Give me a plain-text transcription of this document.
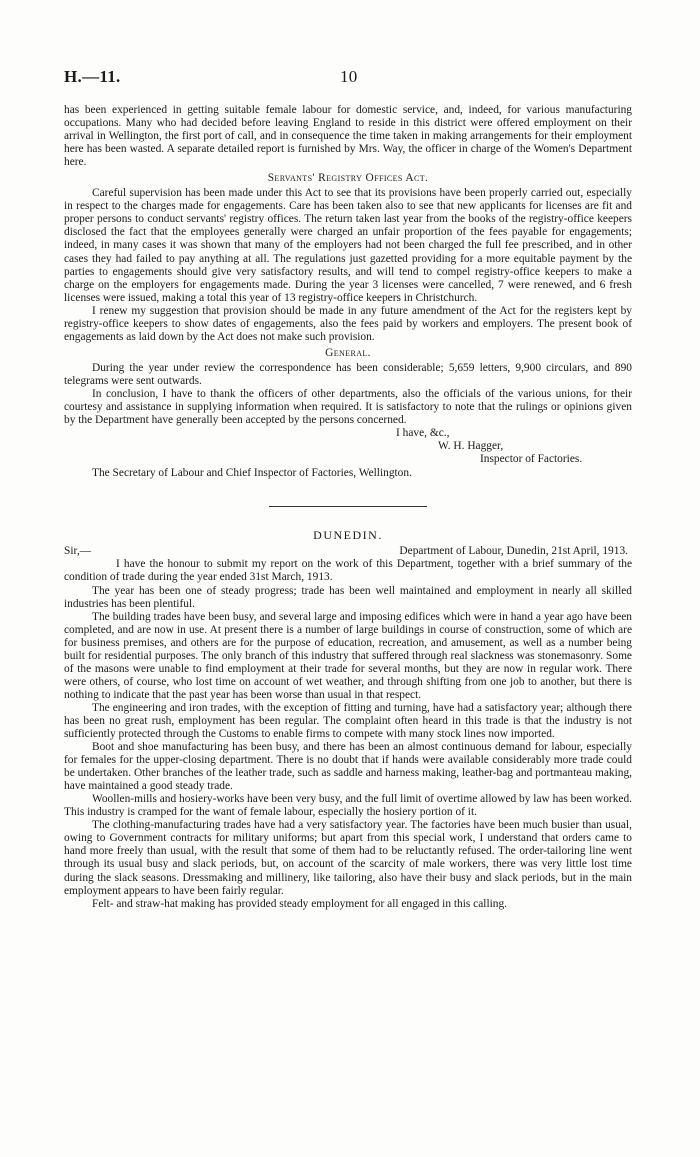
H.—11.	10

has been experienced in getting suitable female labour for domestic service, and, indeed, for various manufacturing occupations. Many who had decided before leaving England to reside in this district were offered employment on their arrival in Wellington, the first port of call, and in consequence the time taken in making arrangements for their employment here has been wasted. A separate detailed report is furnished by Mrs. Way, the officer in charge of the Women's Department here.

Servants' Registry Offices Act.

Careful supervision has been made under this Act to see that its provisions have been properly carried out, especially in respect to the charges made for engagements. Care has been taken also to see that new applicants for licenses are fit and proper persons to conduct servants' registry offices. The return taken last year from the books of the registry-office keepers disclosed the fact that the employees generally were charged an unfair proportion of the fees payable for engagements; indeed, in many cases it was shown that many of the employers had not been charged the full fee prescribed, and in other cases they had failed to pay anything at all. The regulations just gazetted providing for a more equitable payment by the parties to engagements should give very satisfactory results, and will tend to compel registry-office keepers to make a charge on the employers for engagements made. During the year 3 licenses were cancelled, 7 were renewed, and 6 fresh licenses were issued, making a total this year of 13 registry-office keepers in Christchurch.

I renew my suggestion that provision should be made in any future amendment of the Act for the registers kept by registry-office keepers to show dates of engagements, also the fees paid by workers and employers. The present book of engagements as laid down by the Act does not make such provision.

General.

During the year under review the correspondence has been considerable; 5,659 letters, 9,900 circulars, and 890 telegrams were sent outwards.

In conclusion, I have to thank the officers of other departments, also the officials of the various unions, for their courtesy and assistance in supplying information when required. It is satisfactory to note that the rulings or opinions given by the Department have generally been accepted by the persons concerned.

I have, &c.,
W. H. Hagger,
Inspector of Factories.
The Secretary of Labour and Chief Inspector of Factories, Wellington.
DUNEDIN.
Sir,—	Department of Labour, Dunedin, 21st April, 1913.

I have the honour to submit my report on the work of this Department, together with a brief summary of the condition of trade during the year ended 31st March, 1913.

The year has been one of steady progress; trade has been well maintained and employment in nearly all skilled industries has been plentiful.

The building trades have been busy, and several large and imposing edifices which were in hand a year ago have been completed, and are now in use. At present there is a number of large buildings in course of construction, some of which are for business premises, and others are for the purpose of education, recreation, and amusement, as well as a number being built for residential purposes. The only branch of this industry that suffered through real slackness was stonemasonry. Some of the masons were unable to find employment at their trade for several months, but they are now in regular work. There were others, of course, who lost time on account of wet weather, and through shifting from one job to another, but there is nothing to indicate that the past year has been worse than usual in that respect.

The engineering and iron trades, with the exception of fitting and turning, have had a satisfactory year; although there has been no great rush, employment has been regular. The complaint often heard in this trade is that the industry is not sufficiently protected through the Customs to enable firms to compete with many stock lines now imported.

Boot and shoe manufacturing has been busy, and there has been an almost continuous demand for labour, especially for females for the upper-closing department. There is no doubt that if hands were available considerably more trade could be undertaken. Other branches of the leather trade, such as saddle and harness making, leather-bag and portmanteau making, have maintained a good steady trade.

Woollen-mills and hosiery-works have been very busy, and the full limit of overtime allowed by law has been worked. This industry is cramped for the want of female labour, especially the hosiery portion of it.

The clothing-manufacturing trades have had a very satisfactory year. The factories have been much busier than usual, owing to Government contracts for military uniforms; but apart from this special work, I understand that orders came to hand more freely than usual, with the result that some of them had to be reluctantly refused. The order-tailoring line went through its usual busy and slack periods, but, on account of the scarcity of male workers, there was very little lost time during the slack seasons. Dressmaking and millinery, like tailoring, also have their busy and slack periods, but in the main employment appears to have been fairly regular.

Felt- and straw-hat making has provided steady employment for all engaged in this calling.
